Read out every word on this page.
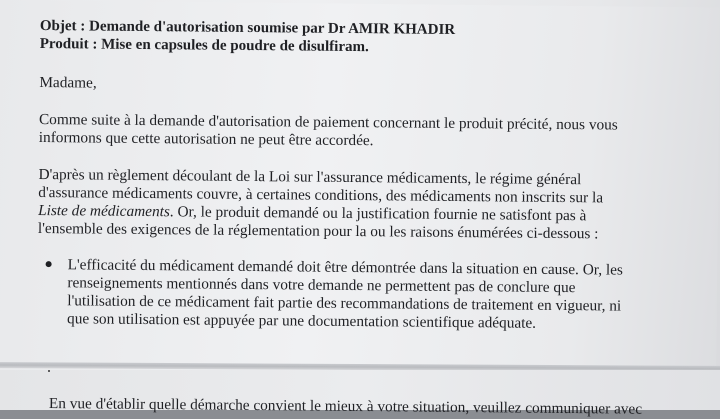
Objet : Demande d'autorisation soumise par Dr AMIR KHADIR

Produit : Mise en capsules de poudre de disulfiram.

Madame,

Comme suite à la demande d'autorisation de paiement concernant le produit précité, nous vous

informons que cette autorisation ne peut être accordée.

D'après un règlement découlant de la Loi sur l'assurance médicaments, le régime général

d'assurance médicaments couvre, à certaines conditions, des médicaments non inscrits sur la

Liste de médicaments. Or, le produit demandé ou la justification fournie ne satisfont pas à

l'ensemble des exigences de la réglementation pour la ou les raisons énumérées ci-dessous :

L'efficacité du médicament demandé doit être démontrée dans la situation en cause. Or, les

renseignements mentionnés dans votre demande ne permettent pas de conclure que

l'utilisation de ce médicament fait partie des recommandations de traitement en vigueur, ni

que son utilisation est appuyée par une documentation scientifique adéquate.

En vue d'établir quelle démarche convient le mieux à votre situation, veuillez communiquer avec
